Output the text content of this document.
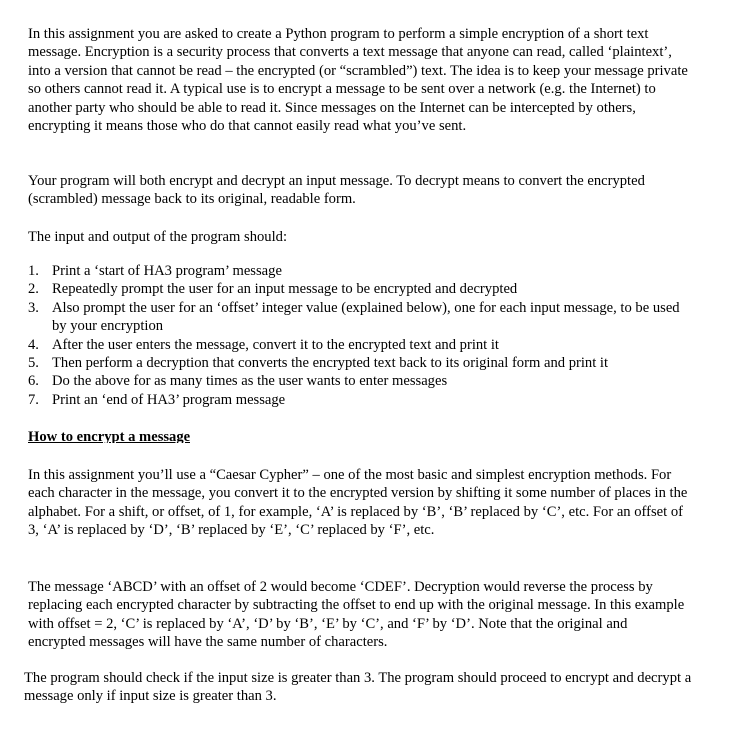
In this assignment you are asked to create a Python program to perform a simple encryption of a short text message. Encryption is a security process that converts a text message that anyone can read, called ‘plaintext’, into a version that cannot be read – the encrypted (or “scrambled”) text. The idea is to keep your message private so others cannot read it. A typical use is to encrypt a message to be sent over a network (e.g. the Internet) to another party who should be able to read it. Since messages on the Internet can be intercepted by others, encrypting it means those who do that cannot easily read what you’ve sent.

Your program will both encrypt and decrypt an input message. To decrypt means to convert the encrypted (scrambled) message back to its original, readable form.

The input and output of the program should:

1. Print a ‘start of HA3 program’ message
2. Repeatedly prompt the user for an input message to be encrypted and decrypted
3. Also prompt the user for an ‘offset’ integer value (explained below), one for each input message, to be used by your encryption
4. After the user enters the message, convert it to the encrypted text and print it
5. Then perform a decryption that converts the encrypted text back to its original form and print it
6. Do the above for as many times as the user wants to enter messages
7. Print an ‘end of HA3’ program message

How to encrypt a message

In this assignment you’ll use a “Caesar Cypher” – one of the most basic and simplest encryption methods. For each character in the message, you convert it to the encrypted version by shifting it some number of places in the alphabet. For a shift, or offset, of 1, for example, ‘A’ is replaced by ‘B’, ‘B’ replaced by ‘C’, etc. For an offset of 3, ‘A’ is replaced by ‘D’, ‘B’ replaced by ‘E’, ‘C’ replaced by ‘F’, etc.

The message ‘ABCD’ with an offset of 2 would become ‘CDEF’. Decryption would reverse the process by replacing each encrypted character by subtracting the offset to end up with the original message. In this example with offset = 2, ‘C’ is replaced by ‘A’, ‘D’ by ‘B’, ‘E’ by ‘C’, and ‘F’ by ‘D’. Note that the original and encrypted messages will have the same number of characters.

The program should check if the input size is greater than 3. The program should proceed to encrypt and decrypt a message only if input size is greater than 3.
